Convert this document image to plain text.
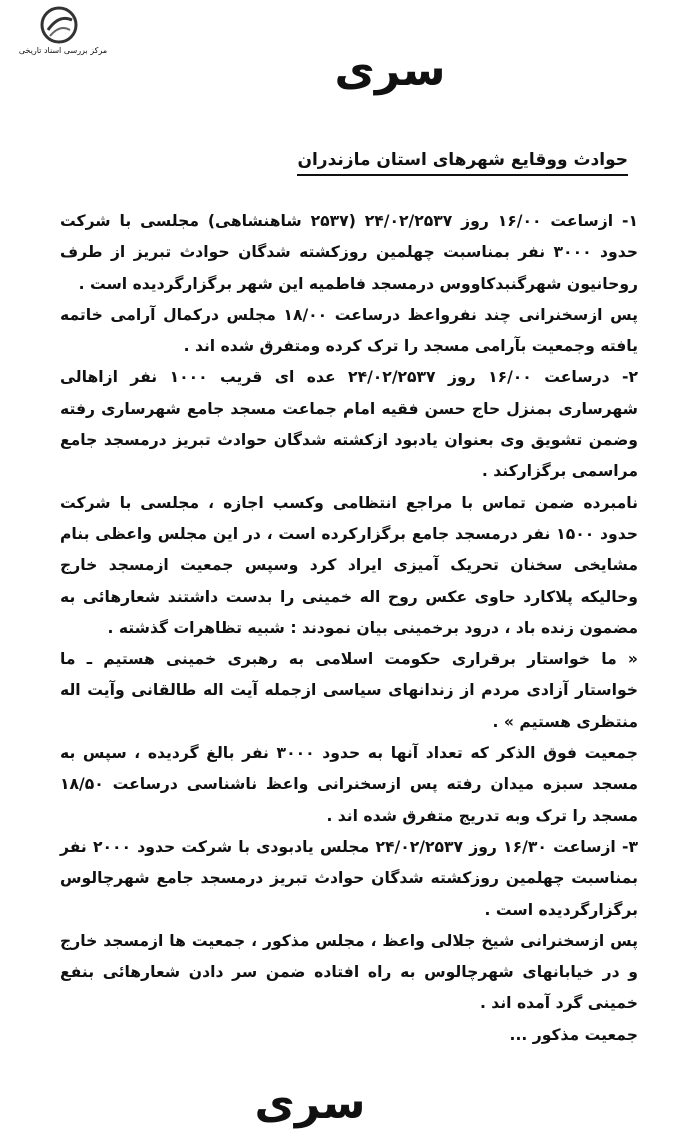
مرکز بررسی اسناد تاریخی	سری
حوادث ووقایع شهرهای استان مازندران

۱- ازساعت ۱۶/۰۰ روز ۲۴/۰۲/۲۵۳۷ (۲۵۳۷ شاهنشاهی) مجلسی با شرکت حدود ۳۰۰۰ نفر بمناسبت چهلمین روزکشته شدگان حوادث تبریز از طرف روحانیون شهرگنبدکاووس درمسجد فاطمیه این شهر برگزارگردیده است .

پس ازسخنرانی چند نفرواعظ درساعت ۱۸/۰۰ مجلس درکمال آرامی خاتمه یافته وجمعیت بآرامی مسجد را ترک کرده ومتفرق شده اند .

۲- درساعت ۱۶/۰۰ روز ۲۴/۰۲/۲۵۳۷ عده ای قریب ۱۰۰۰ نفر ازاهالی شهرساری بمنزل حاج حسن فقیه امام جماعت مسجد جامع شهرساری رفته وضمن تشویق وی بعنوان یادبود ازکشته شدگان حوادث تبریز درمسجد جامع مراسمی برگزارکند .

نامبرده ضمن تماس با مراجع انتظامی وکسب اجازه ، مجلسی با شرکت حدود ۱۵۰۰ نفر درمسجد جامع برگزارکرده است ، در این مجلس واعظی بنام مشایخی سخنان تحریک آمیزی ایراد کرد وسپس جمعیت ازمسجد خارج وحالیکه پلاکارد حاوی عکس روح اله خمینی را بدست داشتند شعارهائی به مضمون زنده باد ، درود برخمینی بیان نمودند : شبیه تظاهرات گذشته .

« ما خواستار برقراری حکومت اسلامی به رهبری خمینی هستیم ـ ما خواستار آزادی مردم از زندانهای سیاسی ازجمله آیت اله طالقانی وآیت اله منتظری هستیم » .

جمعیت فوق الذکر که تعداد آنها به حدود ۳۰۰۰ نفر بالغ گردیده ، سپس به مسجد سبزه میدان رفته پس ازسخنرانی واعظ ناشناسی درساعت ۱۸/۵۰ مسجد را ترک وبه تدریج متفرق شده اند .

۳- ازساعت ۱۶/۳۰ روز ۲۴/۰۲/۲۵۳۷ مجلس یادبودی با شرکت حدود ۲۰۰۰ نفر بمناسبت چهلمین روزکشته شدگان حوادث تبریز درمسجد جامع شهرچالوس برگزارگردیده است .

پس ازسخنرانی شیخ جلالی واعظ ، مجلس مذکور ، جمعیت ها ازمسجد خارج و در خیابانهای شهرچالوس به راه افتاده ضمن سر دادن شعارهائی بنفع خمینی گرد آمده اند .

جمعیت مذکور ...

سری
